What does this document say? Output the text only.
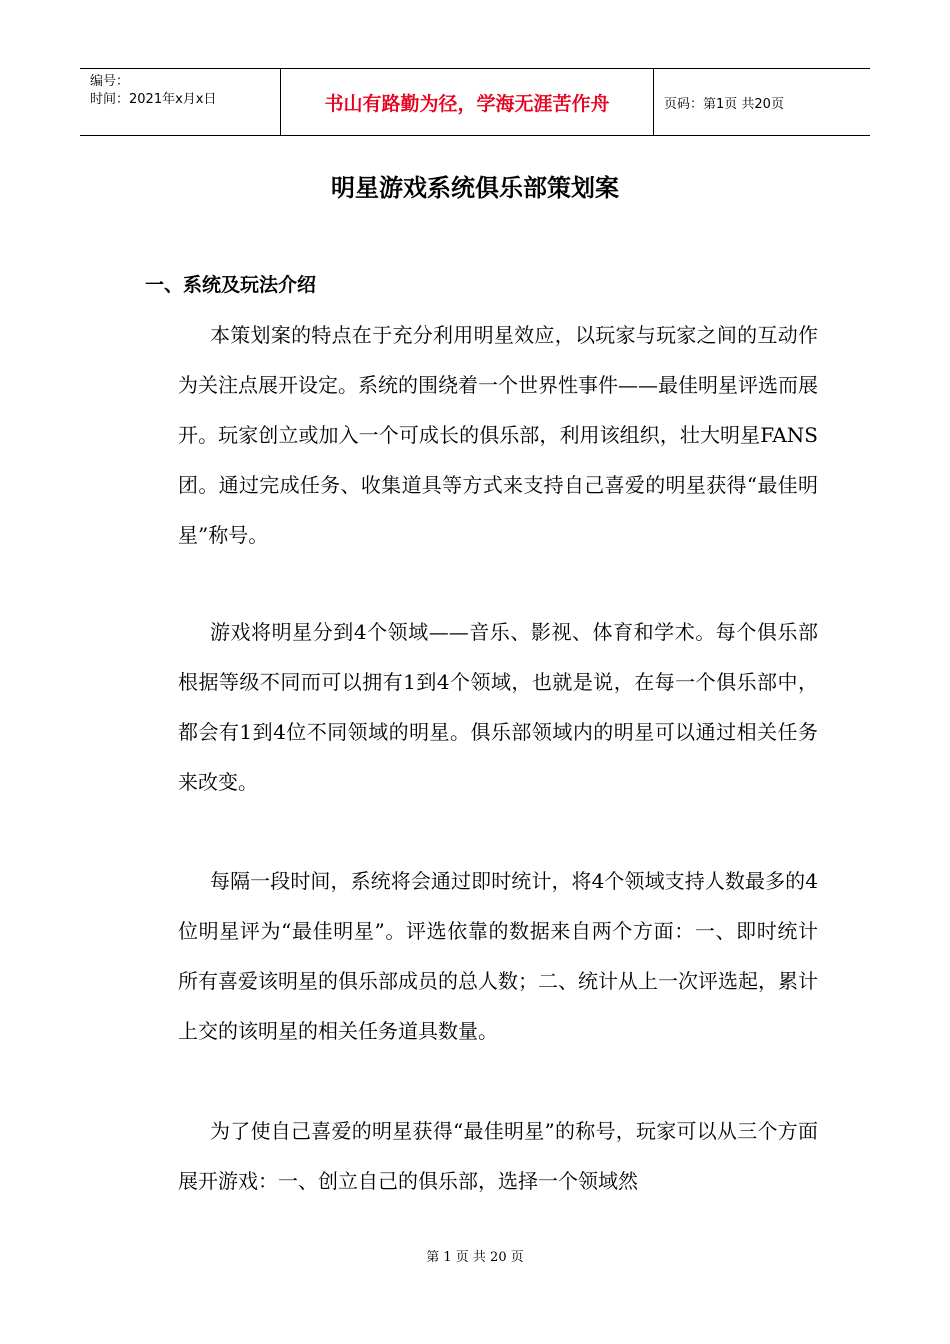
编号：
时间：2021年x月x日	书山有路勤为径，学海无涯苦作舟	页码：第1页 共20页
明星游戏系统俱乐部策划案
一、系统及玩法介绍
本策划案的特点在于充分利用明星效应，以玩家与玩家之间的互动作为关注点展开设定。系统的围绕着一个世界性事件——最佳明星评选而展开。玩家创立或加入一个可成长的俱乐部，利用该组织，壮大明星FANS团。通过完成任务、收集道具等方式来支持自己喜爱的明星获得“最佳明星”称号。
游戏将明星分到4个领域——音乐、影视、体育和学术。每个俱乐部根据等级不同而可以拥有1到4个领域，也就是说，在每一个俱乐部中，都会有1到4位不同领域的明星。俱乐部领域内的明星可以通过相关任务来改变。
每隔一段时间，系统将会通过即时统计，将4个领域支持人数最多的4位明星评为“最佳明星”。评选依靠的数据来自两个方面：一、即时统计所有喜爱该明星的俱乐部成员的总人数；二、统计从上一次评选起，累计上交的该明星的相关任务道具数量。
为了使自己喜爱的明星获得“最佳明星”的称号，玩家可以从三个方面展开游戏：一、创立自己的俱乐部，选择一个领域然
第 1 页 共 20 页
